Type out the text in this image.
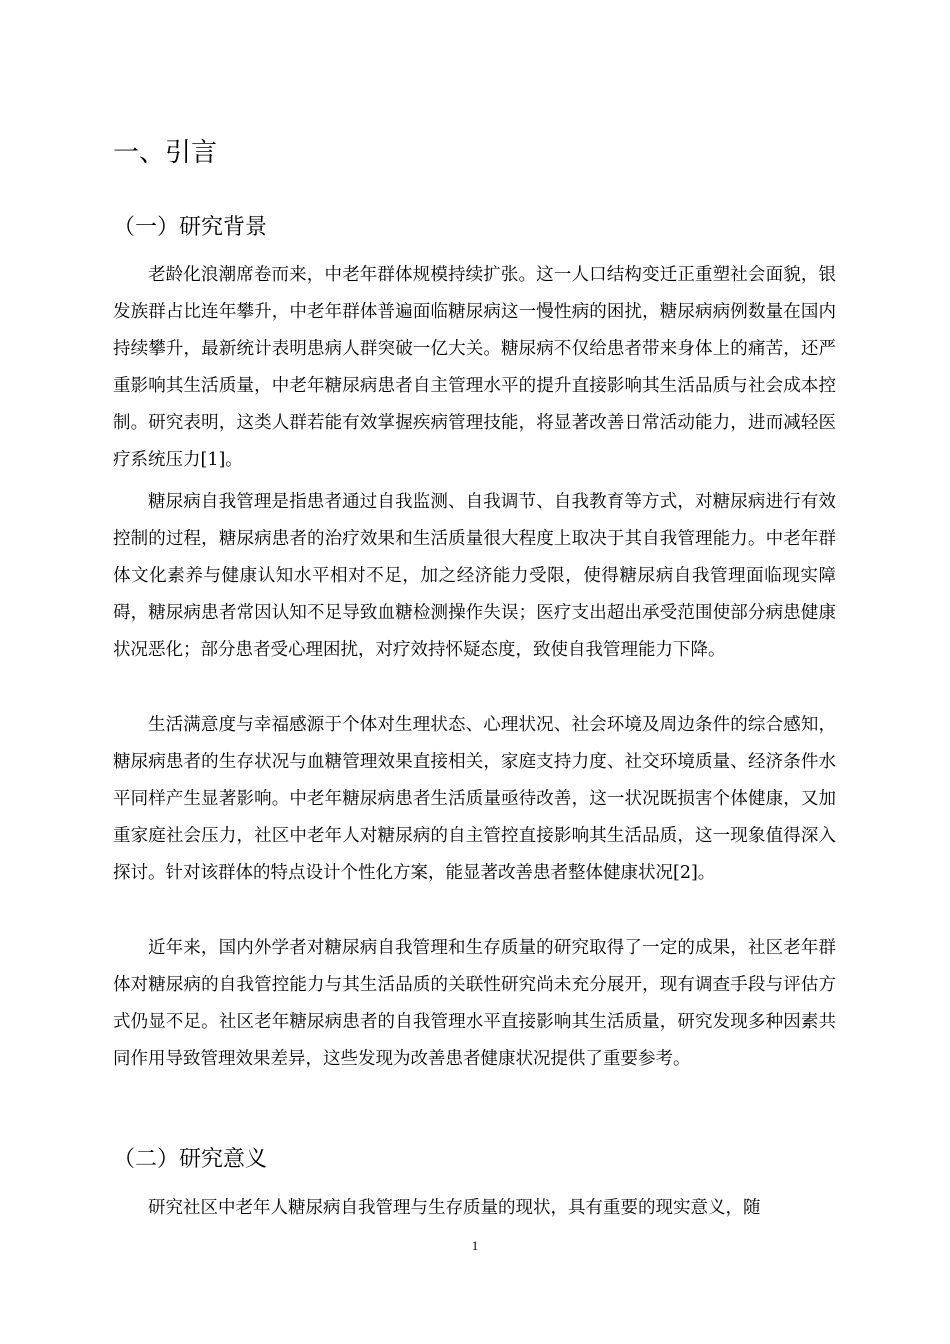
一、引言
（一）研究背景

老龄化浪潮席卷而来，中老年群体规模持续扩张。这一人口结构变迁正重塑社会面貌，银发族群占比连年攀升，中老年群体普遍面临糖尿病这一慢性病的困扰，糖尿病病例数量在国内持续攀升，最新统计表明患病人群突破一亿大关。糖尿病不仅给患者带来身体上的痛苦，还严重影响其生活质量，中老年糖尿病患者自主管理水平的提升直接影响其生活品质与社会成本控制。研究表明，这类人群若能有效掌握疾病管理技能，将显著改善日常活动能力，进而减轻医疗系统压力[1]。

糖尿病自我管理是指患者通过自我监测、自我调节、自我教育等方式，对糖尿病进行有效控制的过程，糖尿病患者的治疗效果和生活质量很大程度上取决于其自我管理能力。中老年群体文化素养与健康认知水平相对不足，加之经济能力受限，使得糖尿病自我管理面临现实障碍，糖尿病患者常因认知不足导致血糖检测操作失误；医疗支出超出承受范围使部分病患健康状况恶化；部分患者受心理困扰，对疗效持怀疑态度，致使自我管理能力下降。

生活满意度与幸福感源于个体对生理状态、心理状况、社会环境及周边条件的综合感知，糖尿病患者的生存状况与血糖管理效果直接相关，家庭支持力度、社交环境质量、经济条件水平同样产生显著影响。中老年糖尿病患者生活质量亟待改善，这一状况既损害个体健康，又加重家庭社会压力，社区中老年人对糖尿病的自主管控直接影响其生活品质，这一现象值得深入探讨。针对该群体的特点设计个性化方案，能显著改善患者整体健康状况[2]。

近年来，国内外学者对糖尿病自我管理和生存质量的研究取得了一定的成果，社区老年群体对糖尿病的自我管控能力与其生活品质的关联性研究尚未充分展开，现有调查手段与评估方式仍显不足。社区老年糖尿病患者的自我管理水平直接影响其生活质量，研究发现多种因素共同作用导致管理效果差异，这些发现为改善患者健康状况提供了重要参考。

（二）研究意义

研究社区中老年人糖尿病自我管理与生存质量的现状，具有重要的现实意义，随

1
